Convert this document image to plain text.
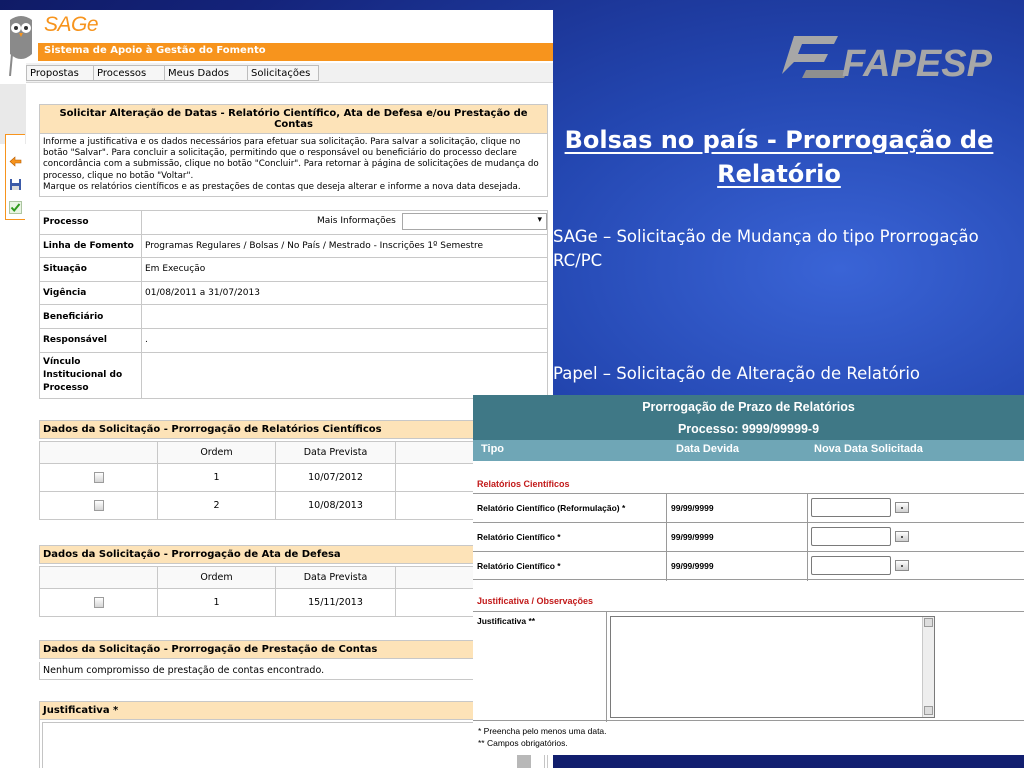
SAGe
Sistema de Apoio à Gestão do Fomento
Propostas	Processos	Meus Dados	Solicitações
Solicitar Alteração de Datas - Relatório Científico, Ata de Defesa e/ou Prestação de Contas
Informe a justificativa e os dados necessários para efetuar sua solicitação. Para salvar a solicitação, clique no botão "Salvar". Para concluir a solicitação, permitindo que o responsável ou beneficiário do processo declare concordância com a submissão, clique no botão "Concluir". Para retornar à página de solicitações de mudança do processo, clique no botão "Voltar".
Marque os relatórios científicos e as prestações de contas que deseja alterar e informe a nova data desejada.
Processo	Mais Informações ▾

Linha de Fomento	Programas Regulares / Bolsas / No País / Mestrado - Inscrições 1º Semestre
Situação	Em Execução
Vigência	01/08/2011 a 31/07/2013
Beneficiário	
Responsável	.
Vínculo Institucional do Processo	
Dados da Solicitação - Prorrogação de Relatórios Científicos
	Ordem	Data Prevista	
	1	10/07/2012	
	2	10/08/2013	
Dados da Solicitação - Prorrogação de Ata de Defesa
	Ordem	Data Prevista	
	1	15/11/2013	
Dados da Solicitação - Prorrogação de Prestação de Contas
Nenhum compromisso de prestação de contas encontrado.
Justificativa *
FAPESP
Bolsas no país - Prorrogação de Relatório
SAGe – Solicitação de Mudança do tipo Prorrogação RC/PC
Papel – Solicitação de Alteração de Relatório
Prorrogação de Prazo de Relatórios
Processo: 9999/99999-9
Tipo	Data Devida	Nova Data Solicitada
Relatórios Científicos
Relatório Científico (Reformulação) *	99/99/9999
Relatório Científico *	99/99/9999
Relatório Científico *	99/99/9999
Justificativa / Observações
Justificativa **
* Preencha pelo menos uma data.
** Campos obrigatórios.
